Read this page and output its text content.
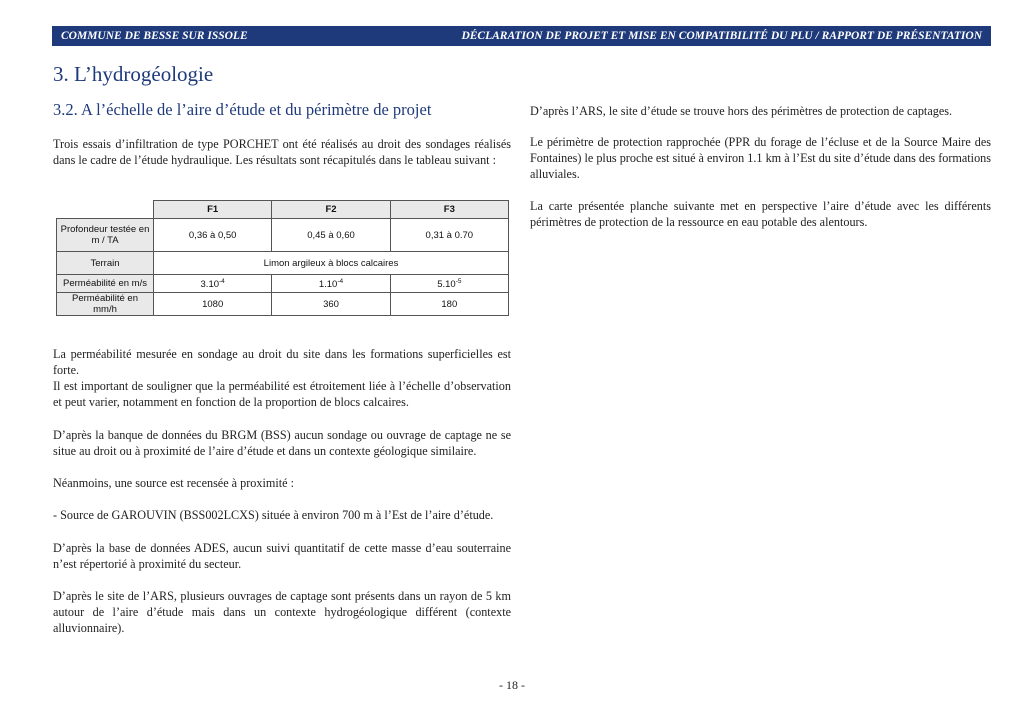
COMMUNE DE BESSE SUR ISSOLE	DÉCLARATION DE PROJET ET MISE EN COMPATIBILITÉ DU PLU / RAPPORT DE PRÉSENTATION
3. L’hydrogéologie
3.2. A l’échelle de l’aire d’étude et du périmètre de projet

Trois essais d’infiltration de type PORCHET ont été réalisés au droit des sondages réalisés dans le cadre de l’étude hydraulique. Les résultats sont récapitulés dans le tableau suivant :

	F1	F2	F3
Profondeur testée en m / TA	0,36 à 0,50	0,45 à 0,60	0,31 à 0.70
Terrain	Limon argileux à blocs calcaires		
Perméabilité en m/s	$3.10^{-4}$	$1.10^{-4}$	$5.10^{-5}$
Perméabilité en mm/h	1080	360	180

La perméabilité mesurée en sondage au droit du site dans les formations superficielles est forte.

Il est important de souligner que la perméabilité est étroitement liée à l’échelle d’observation et peut varier, notamment en fonction de la proportion de blocs calcaires.

D’après la banque de données du BRGM (BSS) aucun sondage ou ouvrage de captage ne se situe au droit ou à proximité de l’aire d’étude et dans un contexte géologique similaire.

Néanmoins, une source est recensée à proximité :

- Source de GAROUVIN (BSS002LCXS) située à environ 700 m à l’Est de l’aire d’étude.

D’après la base de données ADES, aucun suivi quantitatif de cette masse d’eau souterraine n’est répertorié à proximité du secteur.

D’après le site de l’ARS, plusieurs ouvrages de captage sont présents dans un rayon de 5 km autour de l’aire d’étude mais dans un contexte hydrogéologique différent (contexte alluvionnaire).

D’après l’ARS, le site d’étude se trouve hors des périmètres de protection de captages.

Le périmètre de protection rapprochée (PPR du forage de l’écluse et de la Source Maire des Fontaines) le plus proche est situé à environ 1.1 km à l’Est du site d’étude dans des formations alluviales.

La carte présentée planche suivante met en perspective l’aire d’étude avec les différents périmètres de protection de la ressource en eau potable des alentours.

- 18 -
